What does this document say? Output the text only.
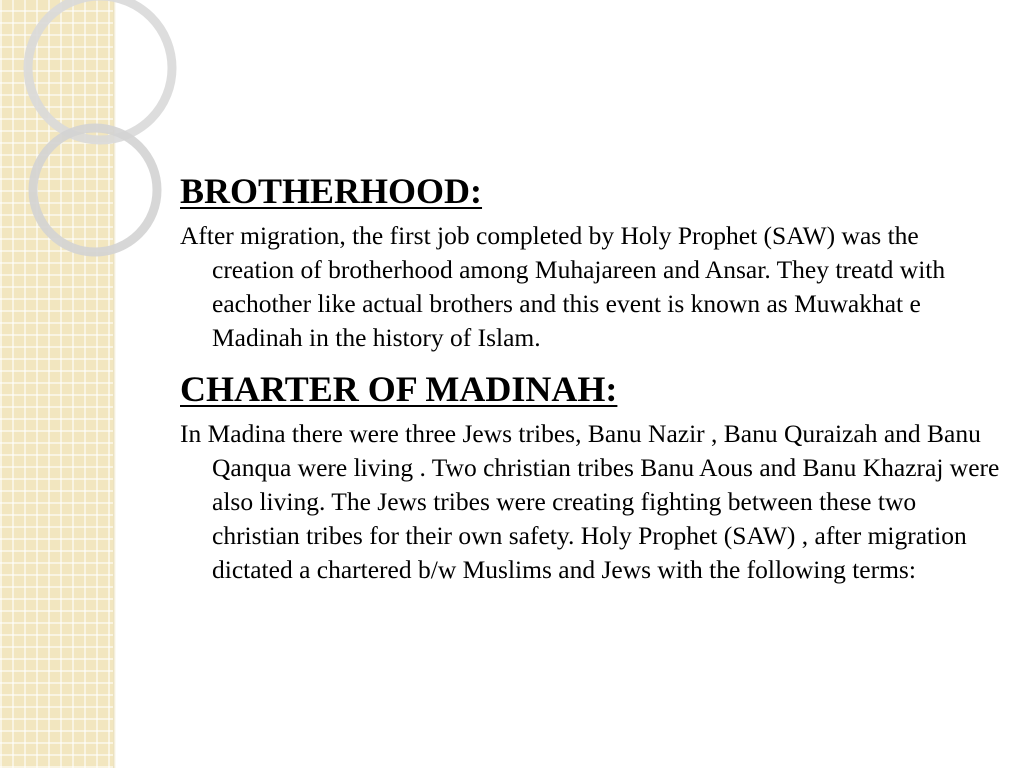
BROTHERHOOD:

After migration, the first job completed by Holy Prophet (SAW) was the creation of brotherhood among Muhajareen and Ansar. They treatd with eachother like actual brothers and this event is known as Muwakhat e Madinah in the history of Islam.

CHARTER OF MADINAH:

In Madina there were three Jews tribes, Banu Nazir , Banu Quraizah and Banu Qanqua were living . Two christian tribes Banu Aous and Banu Khazraj were also living. The Jews tribes were creating fighting between these two christian tribes for their own safety. Holy Prophet (SAW) , after migration dictated a chartered b/w Muslims and Jews with the following terms:
